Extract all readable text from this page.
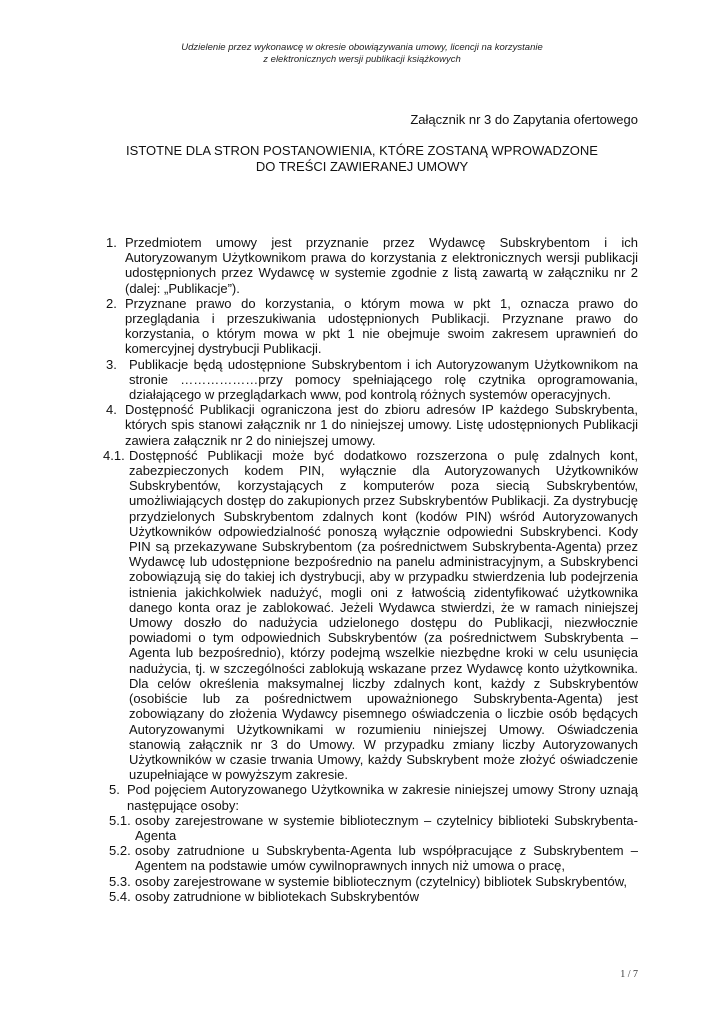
Udzielenie przez wykonawcę w okresie obowiązywania umowy, licencji na korzystanie
z elektronicznych wersji publikacji książkowych
Załącznik nr 3 do Zapytania ofertowego
ISTOTNE DLA STRON POSTANOWIENIA, KTÓRE ZOSTANĄ WPROWADZONE
DO TREŚCI ZAWIERANEJ UMOWY
1. Przedmiotem umowy jest przyznanie przez Wydawcę Subskrybentom i ich Autoryzowanym Użytkownikom prawa do korzystania z elektronicznych wersji publikacji udostępnionych przez Wydawcę w systemie zgodnie z listą zawartą w załączniku nr 2 (dalej: „Publikacje”).
2. Przyznane prawo do korzystania, o którym mowa w pkt 1, oznacza prawo do przeglądania i przeszukiwania udostępnionych Publikacji. Przyznane prawo do korzystania, o którym mowa w pkt 1 nie obejmuje swoim zakresem uprawnień do komercyjnej dystrybucji Publikacji.
3. Publikacje będą udostępnione Subskrybentom i ich Autoryzowanym Użytkownikom na stronie ………………przy pomocy spełniającego rolę czytnika oprogramowania, działającego w przeglądarkach www, pod kontrolą różnych systemów operacyjnych.
4. Dostępność Publikacji ograniczona jest do zbioru adresów IP każdego Subskrybenta, których spis stanowi załącznik nr 1 do niniejszej umowy. Listę udostępnionych Publikacji zawiera załącznik nr 2 do niniejszej umowy.
4.1. Dostępność Publikacji może być dodatkowo rozszerzona o pulę zdalnych kont, zabezpieczonych kodem PIN, wyłącznie dla Autoryzowanych Użytkowników Subskrybentów, korzystających z komputerów poza siecią Subskrybentów, umożliwiających dostęp do zakupionych przez Subskrybentów Publikacji. Za dystrybucję przydzielonych Subskrybentom zdalnych kont (kodów PIN) wśród Autoryzowanych Użytkowników odpowiedzialność ponoszą wyłącznie odpowiedni Subskrybenci. Kody PIN są przekazywane Subskrybentom (za pośrednictwem Subskrybenta-Agenta) przez Wydawcę lub udostępnione bezpośrednio na panelu administracyjnym, a Subskrybenci zobowiązują się do takiej ich dystrybucji, aby w przypadku stwierdzenia lub podejrzenia istnienia jakichkolwiek nadużyć, mogli oni z łatwością zidentyfikować użytkownika danego konta oraz je zablokować. Jeżeli Wydawca stwierdzi, że w ramach niniejszej Umowy doszło do nadużycia udzielonego dostępu do Publikacji, niezwłocznie powiadomi o tym odpowiednich Subskrybentów (za pośrednictwem Subskrybenta – Agenta lub bezpośrednio), którzy podejmą wszelkie niezbędne kroki w celu usunięcia nadużycia, tj. w szczególności zablokują wskazane przez Wydawcę konto użytkownika. Dla celów określenia maksymalnej liczby zdalnych kont, każdy z Subskrybentów (osobiście lub za pośrednictwem upoważnionego Subskrybenta-Agenta) jest zobowiązany do złożenia Wydawcy pisemnego oświadczenia o liczbie osób będących Autoryzowanymi Użytkownikami w rozumieniu niniejszej Umowy. Oświadczenia stanowią załącznik nr 3 do Umowy. W przypadku zmiany liczby Autoryzowanych Użytkowników w czasie trwania Umowy, każdy Subskrybent może złożyć oświadczenie uzupełniające w powyższym zakresie.
5. Pod pojęciem Autoryzowanego Użytkownika w zakresie niniejszej umowy Strony uznają następujące osoby:
5.1. osoby zarejestrowane w systemie bibliotecznym – czytelnicy biblioteki Subskrybenta-Agenta
5.2. osoby zatrudnione u Subskrybenta-Agenta lub współpracujące z Subskrybentem – Agentem na podstawie umów cywilnoprawnych innych niż umowa o pracę,
5.3. osoby zarejestrowane w systemie bibliotecznym (czytelnicy) bibliotek Subskrybentów,
5.4. osoby zatrudnione w bibliotekach Subskrybentów
1 / 7
